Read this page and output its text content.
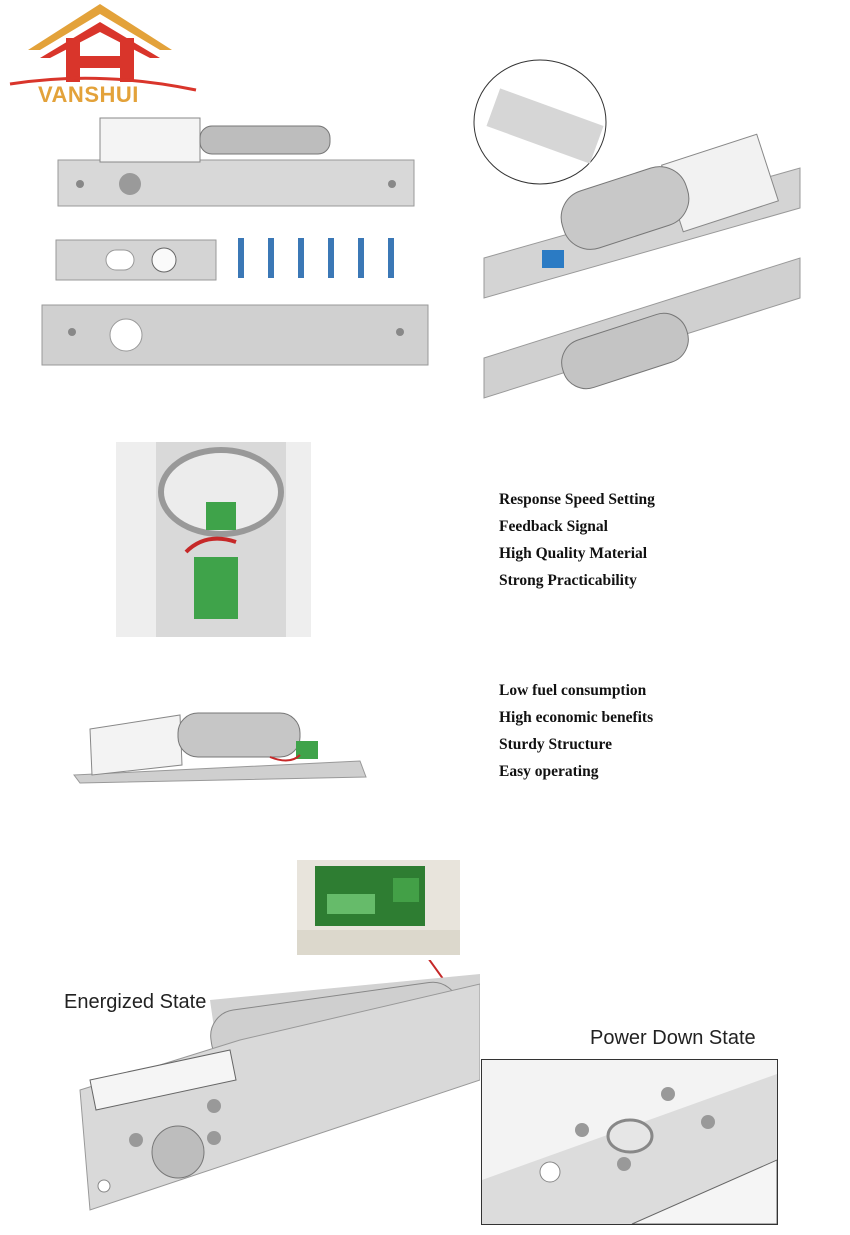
VANSHUI
Response Speed Setting
Feedback Signal
High Quality Material
Strong Practicability
Low fuel consumption
High economic benefits
Sturdy Structure
Easy operating
Energized State
Power Down State
